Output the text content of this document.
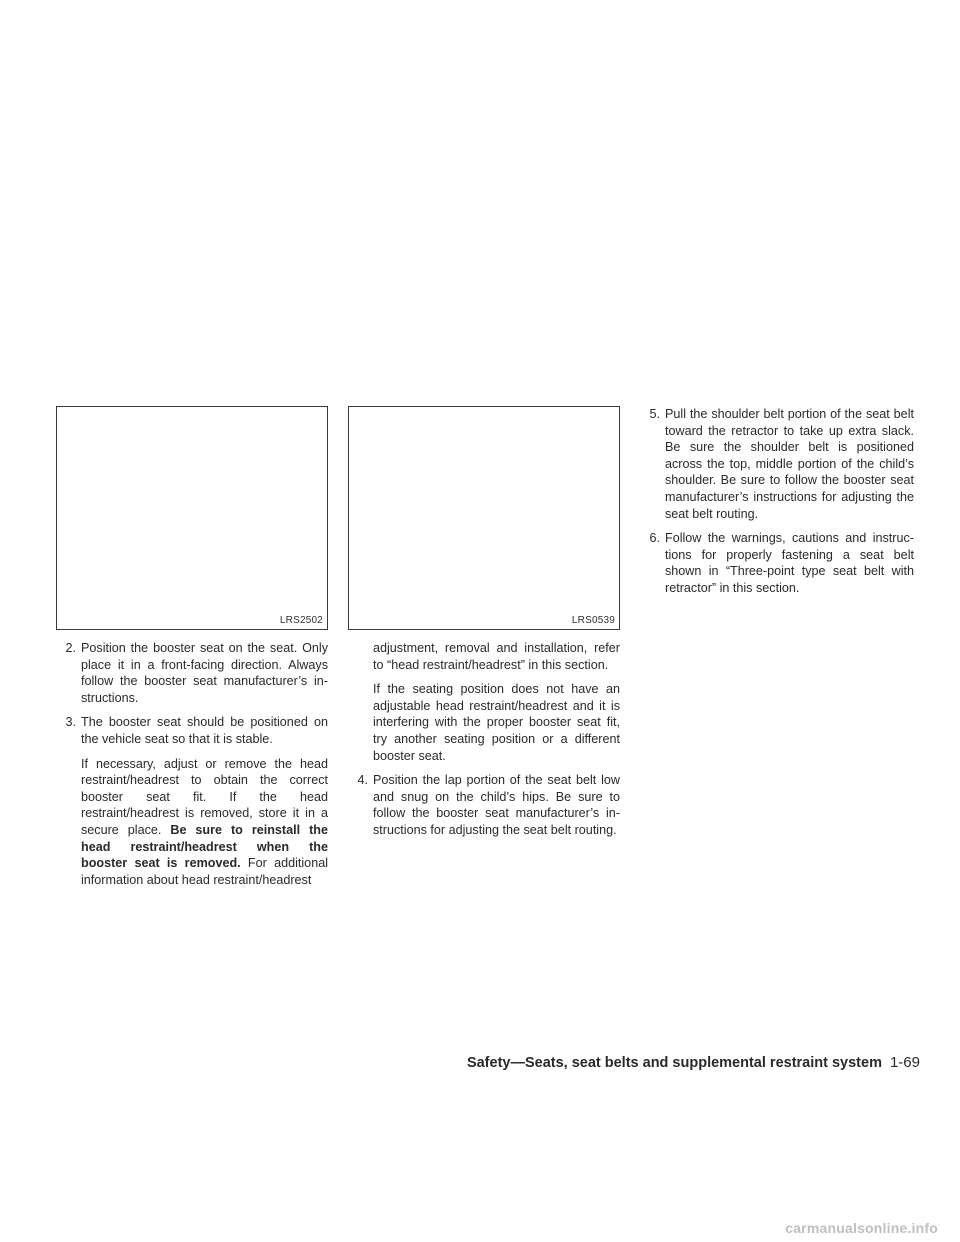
LRS2502	LRS0539
2. Position the booster seat on the seat. Only place it in a front-facing direction. Always follow the booster seat manufacturer’s in-structions.
3. The booster seat should be positioned on the vehicle seat so that it is stable.
If necessary, adjust or remove the head restraint/headrest to obtain the correct booster seat fit. If the head restraint/headrest is removed, store it in a secure place. Be sure to reinstall the head restraint/headrest when the booster seat is removed. For additional information about head restraint/headrest
adjustment, removal and installation, refer to “head restraint/headrest” in this section.
If the seating position does not have an adjustable head restraint/headrest and it is interfering with the proper booster seat fit, try another seating position or a different booster seat.
4. Position the lap portion of the seat belt low and snug on the child’s hips. Be sure to follow the booster seat manufacturer’s in-structions for adjusting the seat belt routing.
5. Pull the shoulder belt portion of the seat belt toward the retractor to take up extra slack. Be sure the shoulder belt is positioned across the top, middle portion of the child’s shoulder. Be sure to follow the booster seat manufacturer’s instructions for adjusting the seat belt routing.
6. Follow the warnings, cautions and instruc-tions for properly fastening a seat belt shown in “Three-point type seat belt with retractor” in this section.
Safety—Seats, seat belts and supplemental restraint system 1-69
carmanualsonline.info
